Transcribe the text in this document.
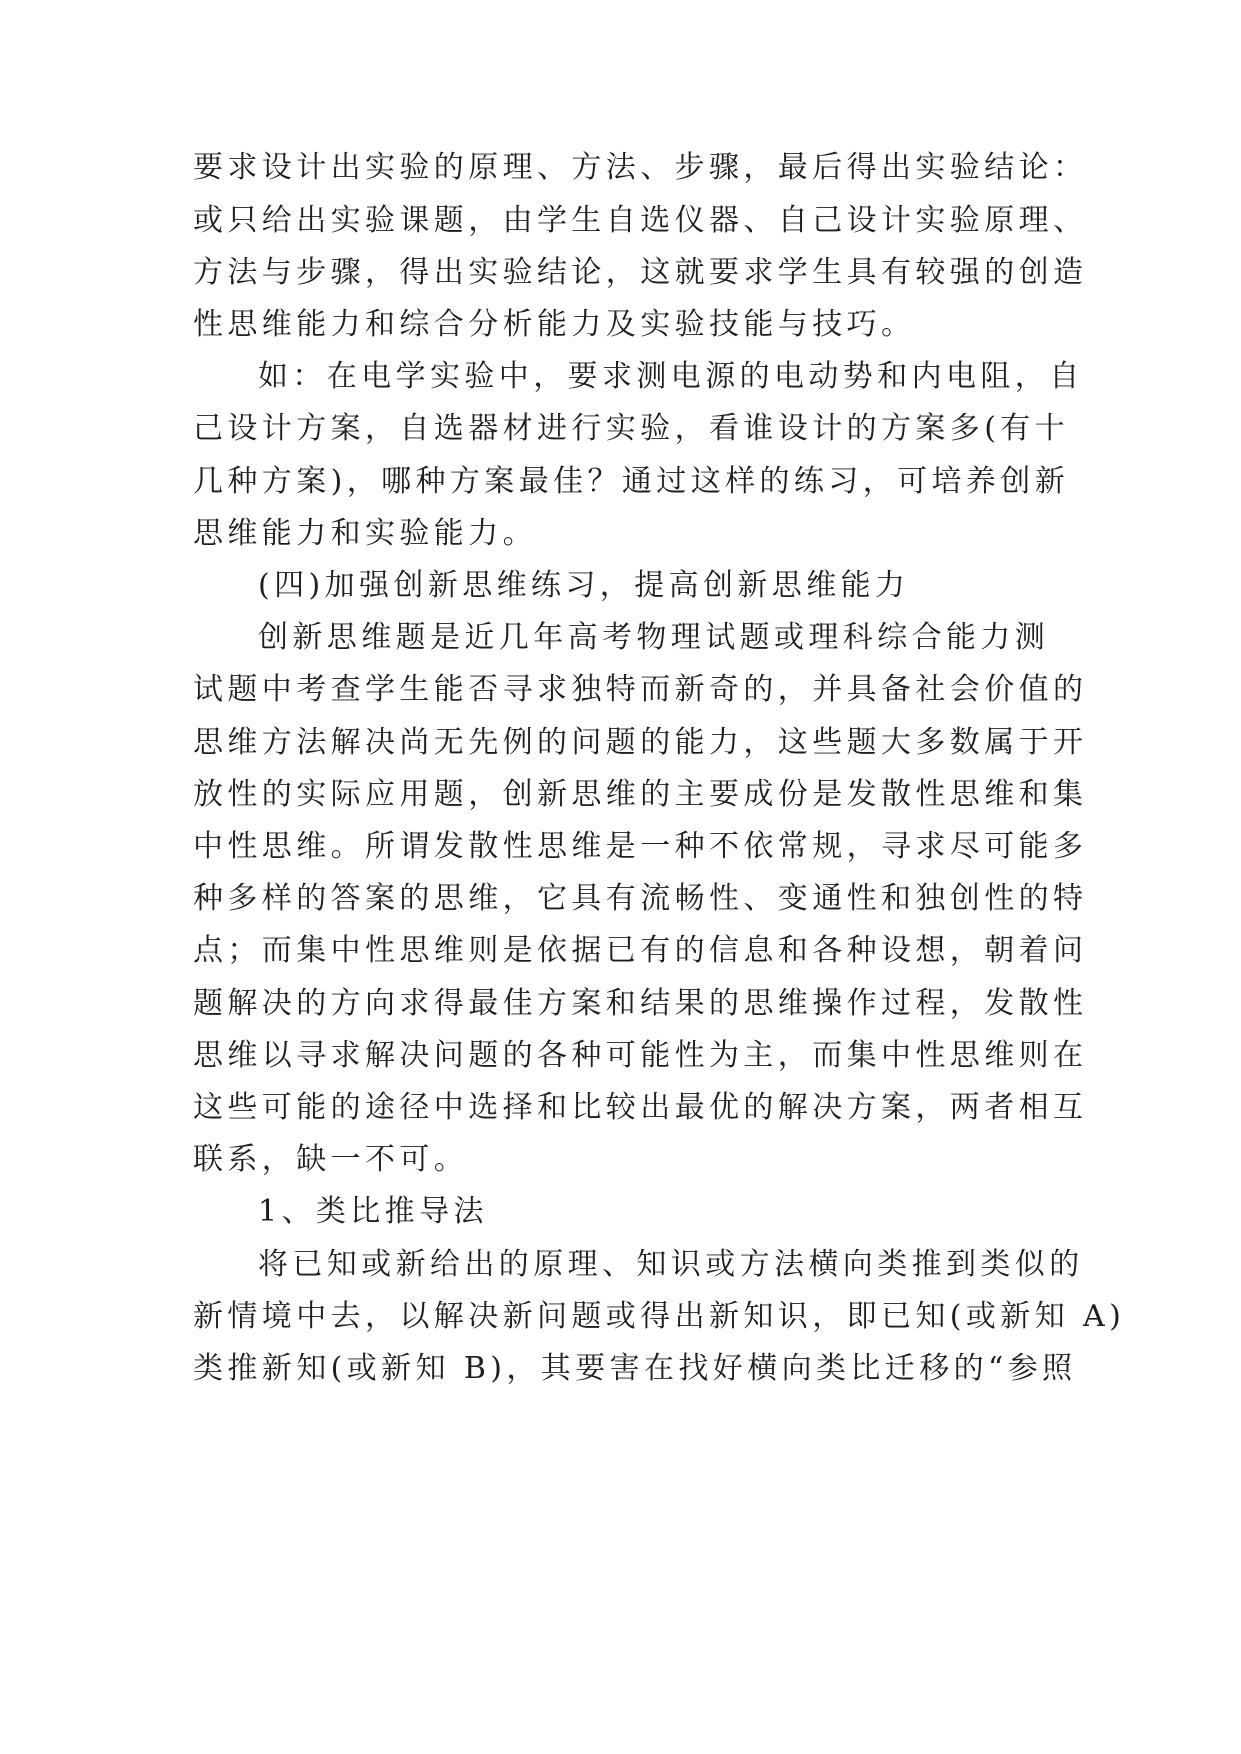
要求设计出实验的原理、方法、步骤，最后得出实验结论：
或只给出实验课题，由学生自选仪器、自己设计实验原理、
方法与步骤，得出实验结论，这就要求学生具有较强的创造
性思维能力和综合分析能力及实验技能与技巧。
如：在电学实验中，要求测电源的电动势和内电阻，自
己设计方案，自选器材进行实验，看谁设计的方案多(有十
几种方案)，哪种方案最佳？通过这样的练习，可培养创新
思维能力和实验能力。
(四)加强创新思维练习，提高创新思维能力
创新思维题是近几年高考物理试题或理科综合能力测
试题中考查学生能否寻求独特而新奇的，并具备社会价值的
思维方法解决尚无先例的问题的能力，这些题大多数属于开
放性的实际应用题，创新思维的主要成份是发散性思维和集
中性思维。所谓发散性思维是一种不依常规，寻求尽可能多
种多样的答案的思维，它具有流畅性、变通性和独创性的特
点；而集中性思维则是依据已有的信息和各种设想，朝着问
题解决的方向求得最佳方案和结果的思维操作过程，发散性
思维以寻求解决问题的各种可能性为主，而集中性思维则在
这些可能的途径中选择和比较出最优的解决方案，两者相互
联系，缺一不可。
1、类比推导法
将已知或新给出的原理、知识或方法横向类推到类似的
新情境中去，以解决新问题或得出新知识，即已知(或新知 A)
类推新知(或新知 B)，其要害在找好横向类比迁移的“参照
